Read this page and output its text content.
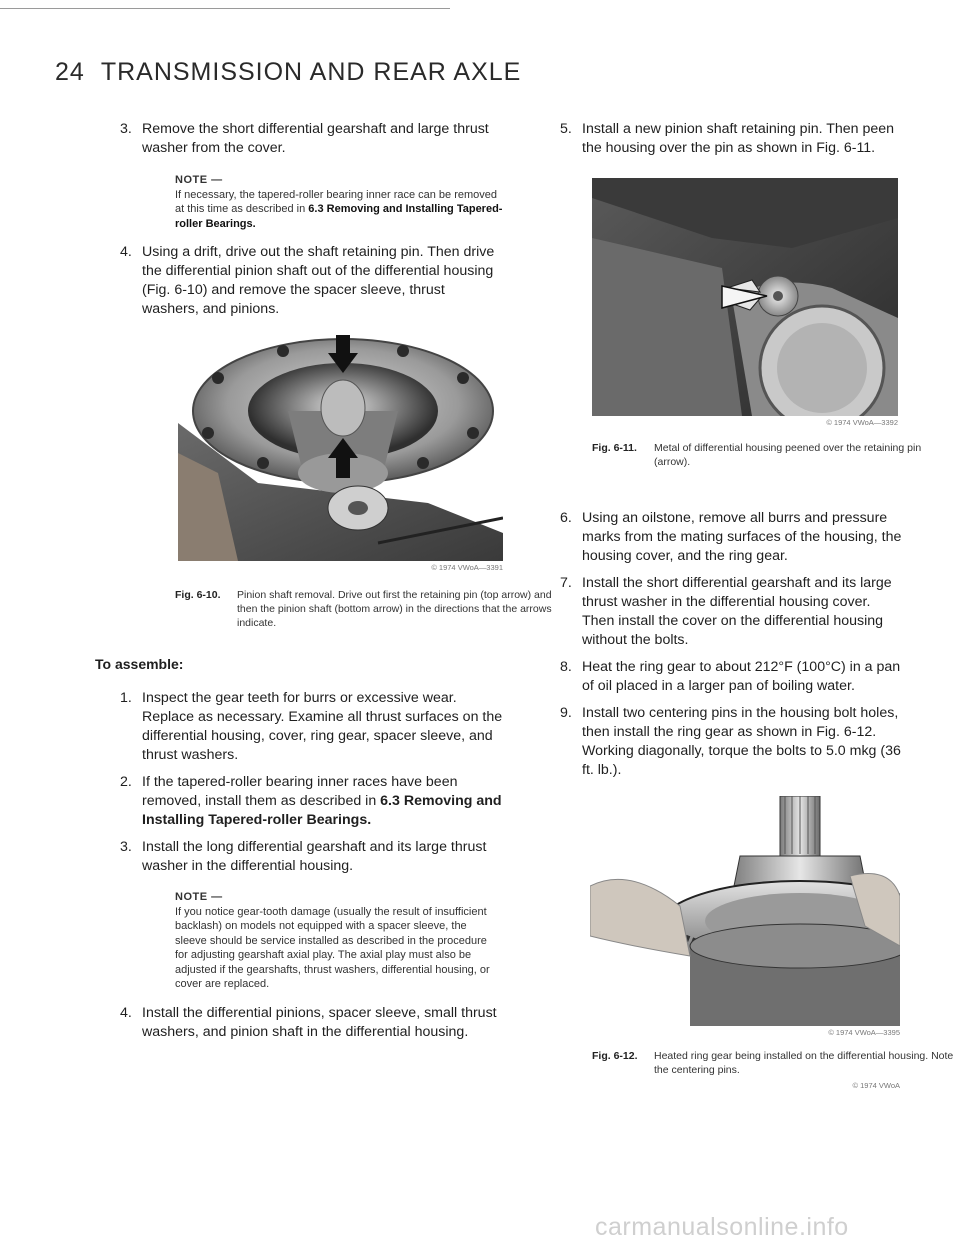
24 TRANSMISSION AND REAR AXLE

3. Remove the short differential gearshaft and large thrust washer from the cover.

NOTE —
If necessary, the tapered-roller bearing inner race can be removed at this time as described in 6.3 Removing and Installing Tapered-roller Bearings.

4. Using a drift, drive out the shaft retaining pin. Then drive the differential pinion shaft out of the differential housing (Fig. 6-10) and remove the spacer sleeve, thrust washers, and pinions.

© 1974 VWoA—3391
Fig. 6-10. Pinion shaft removal. Drive out first the retaining pin (top arrow) and then the pinion shaft (bottom arrow) in the directions that the arrows indicate.
To assemble:

1. Inspect the gear teeth for burrs or excessive wear. Replace as necessary. Examine all thrust surfaces on the differential housing, cover, ring gear, spacer sleeve, and thrust washers.

2. If the tapered-roller bearing inner races have been removed, install them as described in 6.3 Removing and Installing Tapered-roller Bearings.

3. Install the long differential gearshaft and its large thrust washer in the differential housing.

NOTE —
If you notice gear-tooth damage (usually the result of insufficient backlash) on models not equipped with a spacer sleeve, the sleeve should be service installed as described in the procedure for adjusting gearshaft axial play. The axial play must also be adjusted if the gearshafts, thrust washers, differential housing, or cover are replaced.

4. Install the differential pinions, spacer sleeve, small thrust washers, and pinion shaft in the differential housing.

5. Install a new pinion shaft retaining pin. Then peen the housing over the pin as shown in Fig. 6-11.

© 1974 VWoA—3392
Fig. 6-11. Metal of differential housing peened over the retaining pin (arrow).

6. Using an oilstone, remove all burrs and pressure marks from the mating surfaces of the housing, the housing cover, and the ring gear.

7. Install the short differential gearshaft and its large thrust washer in the differential housing cover. Then install the cover on the differential housing without the bolts.

8. Heat the ring gear to about 212°F (100°C) in a pan of oil placed in a larger pan of boiling water.

9. Install two centering pins in the housing bolt holes, then install the ring gear as shown in Fig. 6-12. Working diagonally, torque the bolts to 5.0 mkg (36 ft. lb.).

© 1974 VWoA—3395
Fig. 6-12. Heated ring gear being installed on the differential housing. Note the centering pins.
© 1974 VWoA
carmanualsonline.info
